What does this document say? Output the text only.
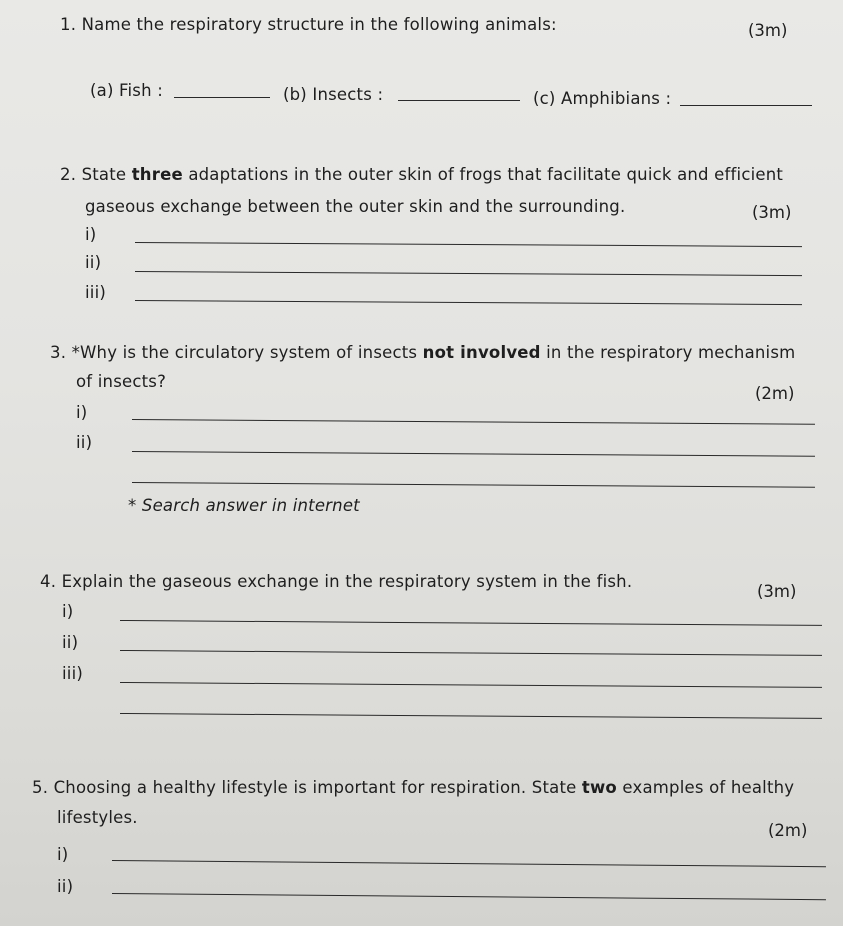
1. Name the respiratory structure in the following animals:	(3m)
(a) Fish :	(b) Insects :	(c) Amphibians :
2. State three adaptations in the outer skin of frogs that facilitate quick and efficient
gaseous exchange between the outer skin and the surrounding.	(3m)
i)
ii)
iii)
3. *Why is the circulatory system of insects not involved in the respiratory mechanism
of insects?
(2m)
i)
ii)
* Search answer in internet
4. Explain the gaseous exchange in the respiratory system in the fish.
(3m)
i)
ii)
iii)
5. Choosing a healthy lifestyle is important for respiration. State two examples of healthy
lifestyles.
(2m)
i)
ii)
